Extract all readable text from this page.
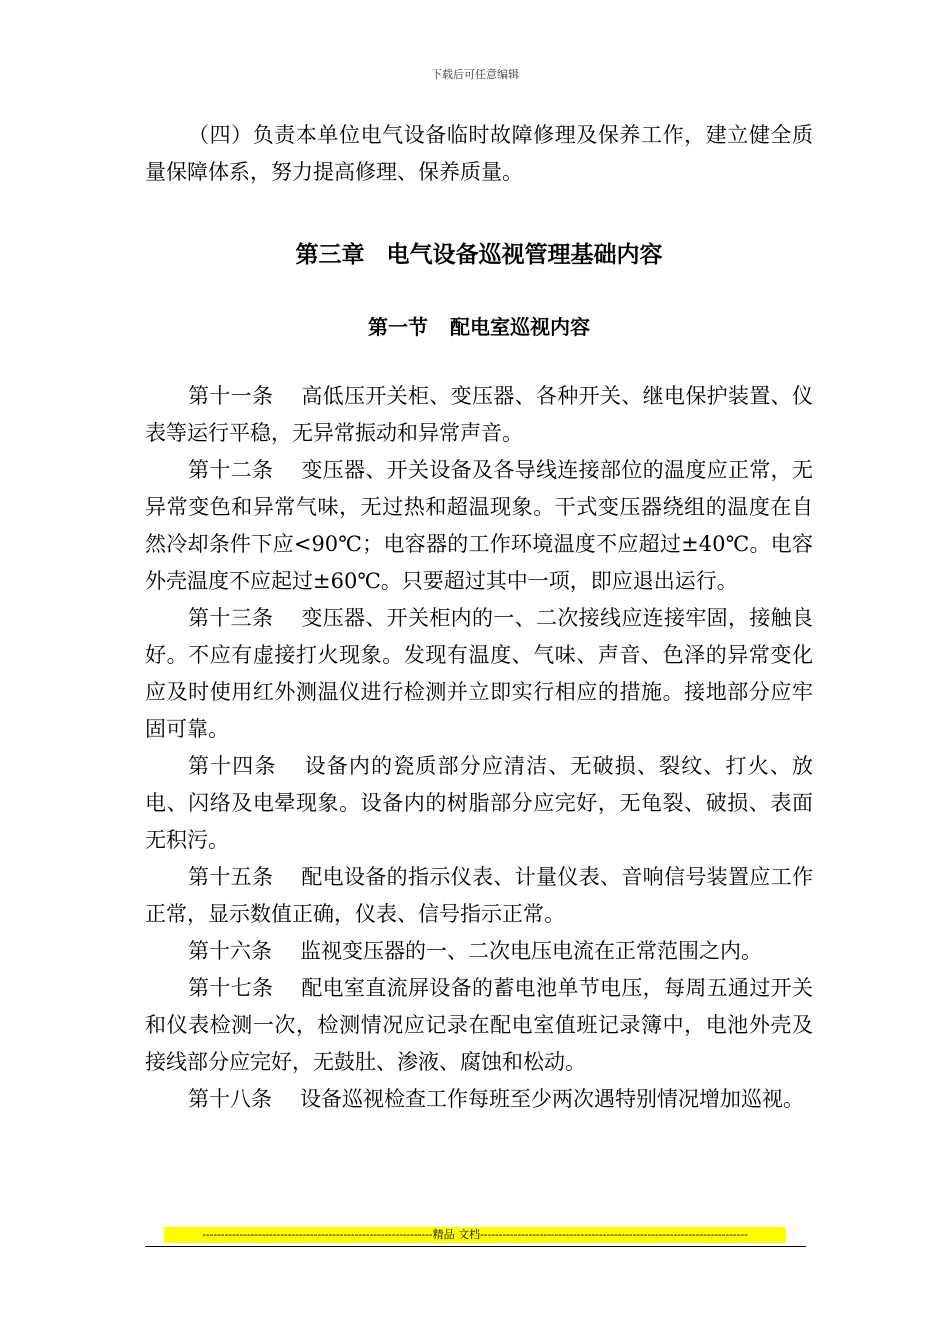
下载后可任意编辑

（四）负责本单位电气设备临时故障修理及保养工作，建立健全质量保障体系，努力提高修理、保养质量。

第三章 电气设备巡视管理基础内容
第一节 配电室巡视内容

第十一条 高低压开关柜、变压器、各种开关、继电保护装置、仪表等运行平稳，无异常振动和异常声音。

第十二条 变压器、开关设备及各导线连接部位的温度应正常，无异常变色和异常气味，无过热和超温现象。干式变压器绕组的温度在自然冷却条件下应<90℃；电容器的工作环境温度不应超过±40℃。电容外壳温度不应起过±60℃。只要超过其中一项，即应退出运行。

第十三条 变压器、开关柜内的一、二次接线应连接牢固，接触良好。不应有虚接打火现象。发现有温度、气味、声音、色泽的异常变化应及时使用红外测温仪进行检测并立即实行相应的措施。接地部分应牢固可靠。

第十四条 设备内的瓷质部分应清洁、无破损、裂纹、打火、放电、闪络及电晕现象。设备内的树脂部分应完好，无龟裂、破损、表面无积污。

第十五条 配电设备的指示仪表、计量仪表、音响信号装置应工作正常，显示数值正确，仪表、信号指示正常。

第十六条 监视变压器的一、二次电压电流在正常范围之内。

第十七条 配电室直流屏设备的蓄电池单节电压，每周五通过开关和仪表检测一次，检测情况应记录在配电室值班记录簿中，电池外壳及接线部分应完好，无鼓肚、渗液、腐蚀和松动。

第十八条 设备巡视检查工作每班至少两次遇特别情况增加巡视。

--------------------------------------------------------------精品 文档------------------------------------------------------------------------
